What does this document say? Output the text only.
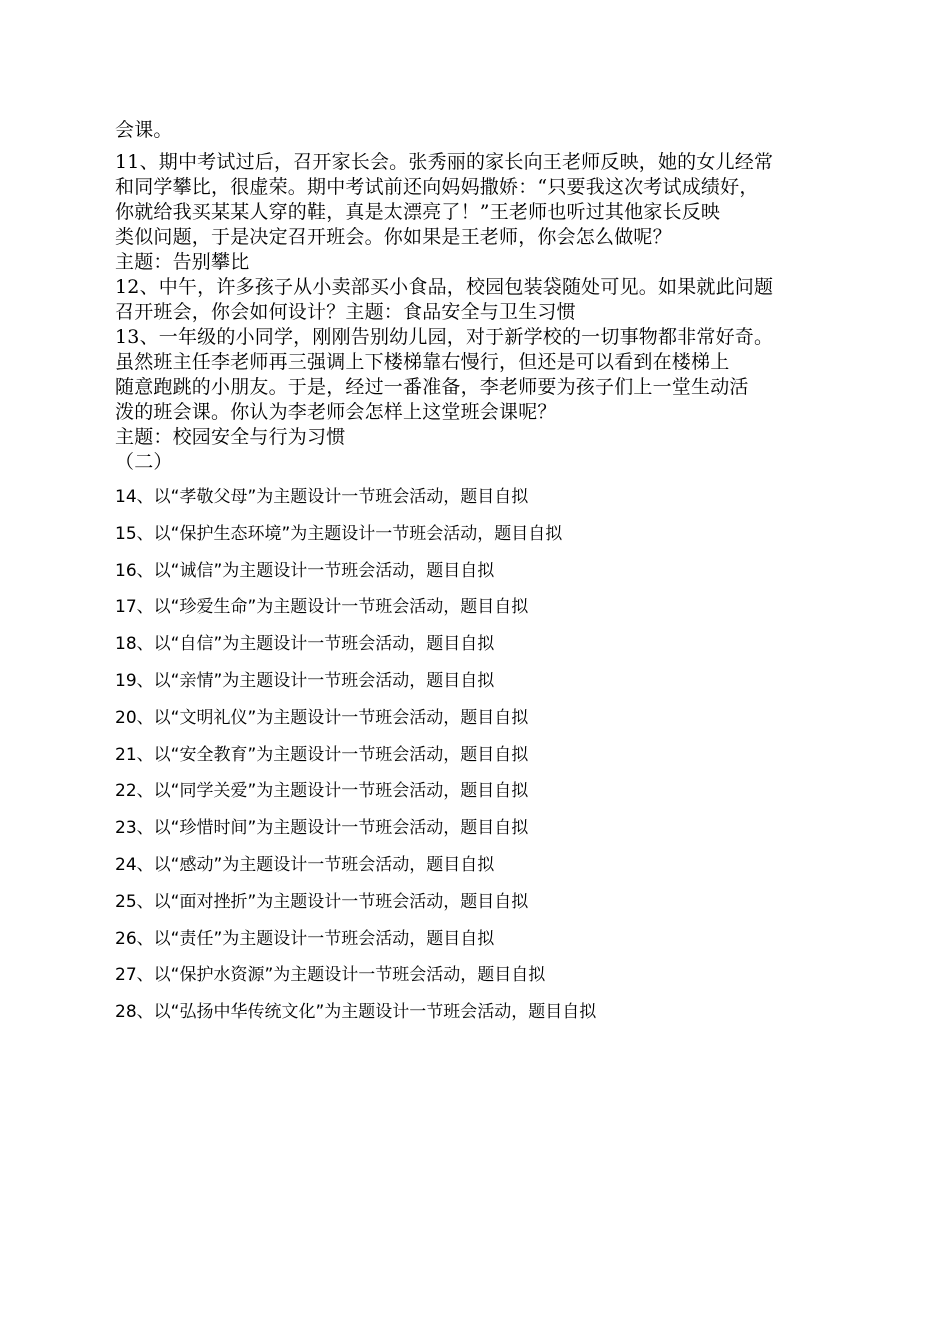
会课。
11、期中考试过后，召开家长会。张秀丽的家长向王老师反映，她的女儿经常
和同学攀比，很虚荣。期中考试前还向妈妈撒娇：“只要我这次考试成绩好，
你就给我买某某人穿的鞋，真是太漂亮了！”王老师也听过其他家长反映
类似问题，于是决定召开班会。你如果是王老师，你会怎么做呢？
主题：告别攀比
12、中午，许多孩子从小卖部买小食品，校园包装袋随处可见。如果就此问题
召开班会，你会如何设计？主题：食品安全与卫生习惯
13、一年级的小同学，刚刚告别幼儿园，对于新学校的一切事物都非常好奇。
虽然班主任李老师再三强调上下楼梯靠右慢行，但还是可以看到在楼梯上
随意跑跳的小朋友。于是，经过一番准备，李老师要为孩子们上一堂生动活
泼的班会课。你认为李老师会怎样上这堂班会课呢？
主题：校园安全与行为习惯
（二）
14、以“孝敬父母”为主题设计一节班会活动，题目自拟
15、以“保护生态环境”为主题设计一节班会活动，题目自拟
16、以“诚信”为主题设计一节班会活动，题目自拟
17、以“珍爱生命”为主题设计一节班会活动，题目自拟
18、以“自信”为主题设计一节班会活动，题目自拟
19、以“亲情”为主题设计一节班会活动，题目自拟
20、以“文明礼仪”为主题设计一节班会活动，题目自拟
21、以“安全教育”为主题设计一节班会活动，题目自拟
22、以“同学关爱”为主题设计一节班会活动，题目自拟
23、以“珍惜时间”为主题设计一节班会活动，题目自拟
24、以“感动”为主题设计一节班会活动，题目自拟
25、以“面对挫折”为主题设计一节班会活动，题目自拟
26、以“责任”为主题设计一节班会活动，题目自拟
27、以“保护水资源”为主题设计一节班会活动，题目自拟
28、以“弘扬中华传统文化”为主题设计一节班会活动，题目自拟
